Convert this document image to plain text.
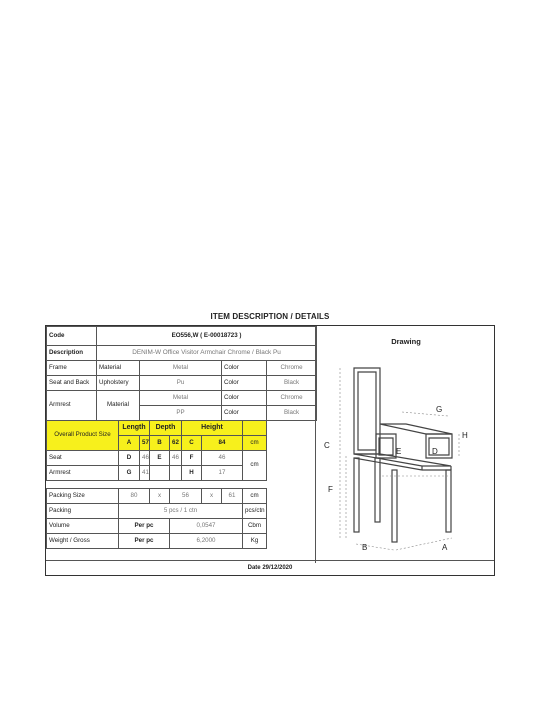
ITEM DESCRIPTION / DETAILS
Code	EO556,W ( E-00018723 )									
Description	DENIM-W Office Visitor Armchair Chrome / Black Pu									
Frame	Material		Metal					Color		Chrome
Seat and Back	Upholstery		Pu					Color		Black
Armrest	Material		Metal					Color		Chrome
			PP					Color		Black
Overall Product Size		Length		Depth		Height				
		A	57	B	62	C	84		cm	
Seat		D	46	E	46	F	46		cm	
Armrest		G	41			H	17			

Packing Size		80		x	56		x	61	cm	
Packing		5 pcs / 1 ctn							pcs/ctn	
Volume		Per pc			0,0547				Cbm	
Weight / Gross		Per pc			6,2000				Kg	
Drawing
C
F
G
H
E	D
B	A
Date 29/12/2020
